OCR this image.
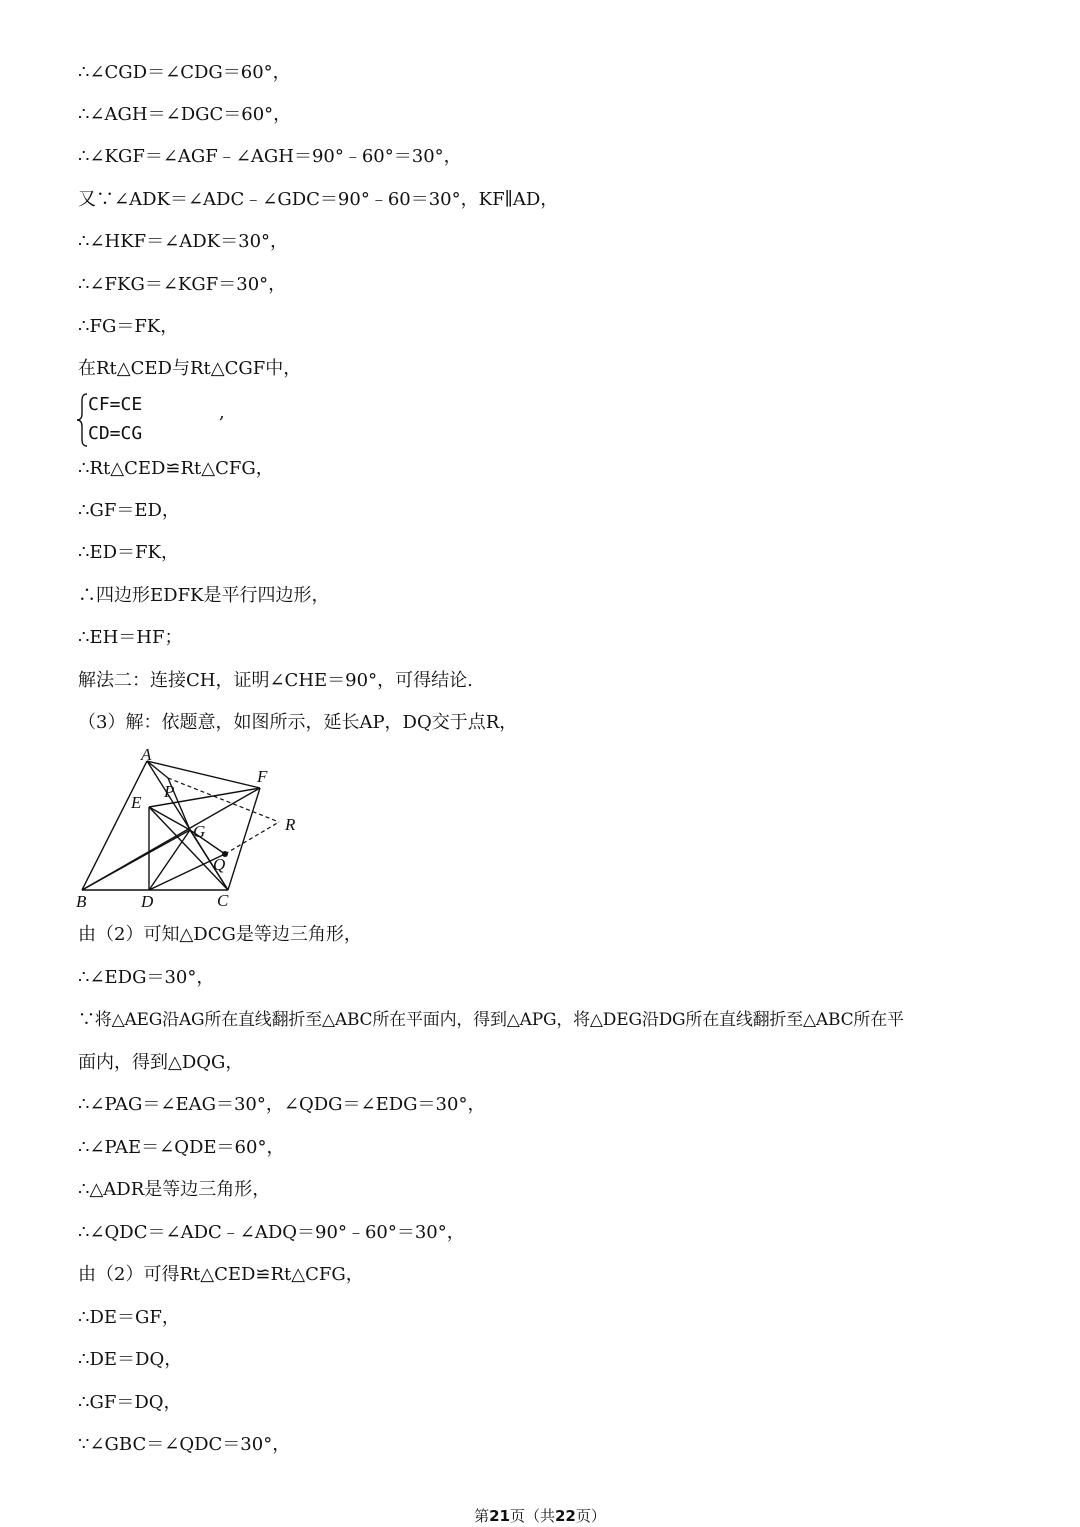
∴∠CGD＝∠CDG＝60°，
∴∠AGH＝∠DGC＝60°，
∴∠KGF＝∠AGF﹣∠AGH＝90°﹣60°＝30°，
又∵∠ADK＝∠ADC﹣∠GDC＝90°﹣60＝30°，KF∥AD，
∴∠HKF＝∠ADK＝30°，
∴∠FKG＝∠KGF＝30°，
∴FG＝FK，
在Rt△CED与Rt△CGF中，
CF=CE
CD=CG
,
∴Rt△CED≌Rt△CFG，
∴GF＝ED，
∴ED＝FK，
∴四边形EDFK是平行四边形，
∴EH＝HF；
解法二：连接CH，证明∠CHE＝90°，可得结论.
（3）解：依题意，如图所示，延长AP，DQ交于点R，
A
F
E
P
G	R
Q
B	D	C
由（2）可知△DCG是等边三角形，
∴∠EDG＝30°，
∵将△AEG沿AG所在直线翻折至△ABC所在平面内，得到△APG，将△DEG沿DG所在直线翻折至△ABC所在平
面内，得到△DQG，
∴∠PAG＝∠EAG＝30°，∠QDG＝∠EDG＝30°，
∴∠PAE＝∠QDE＝60°，
∴△ADR是等边三角形，
∴∠QDC＝∠ADC﹣∠ADQ＝90°﹣60°＝30°，
由（2）可得Rt△CED≌Rt△CFG，
∴DE＝GF，
∴DE＝DQ，
∴GF＝DQ，
∵∠GBC＝∠QDC＝30°，
第21页（共22页）
